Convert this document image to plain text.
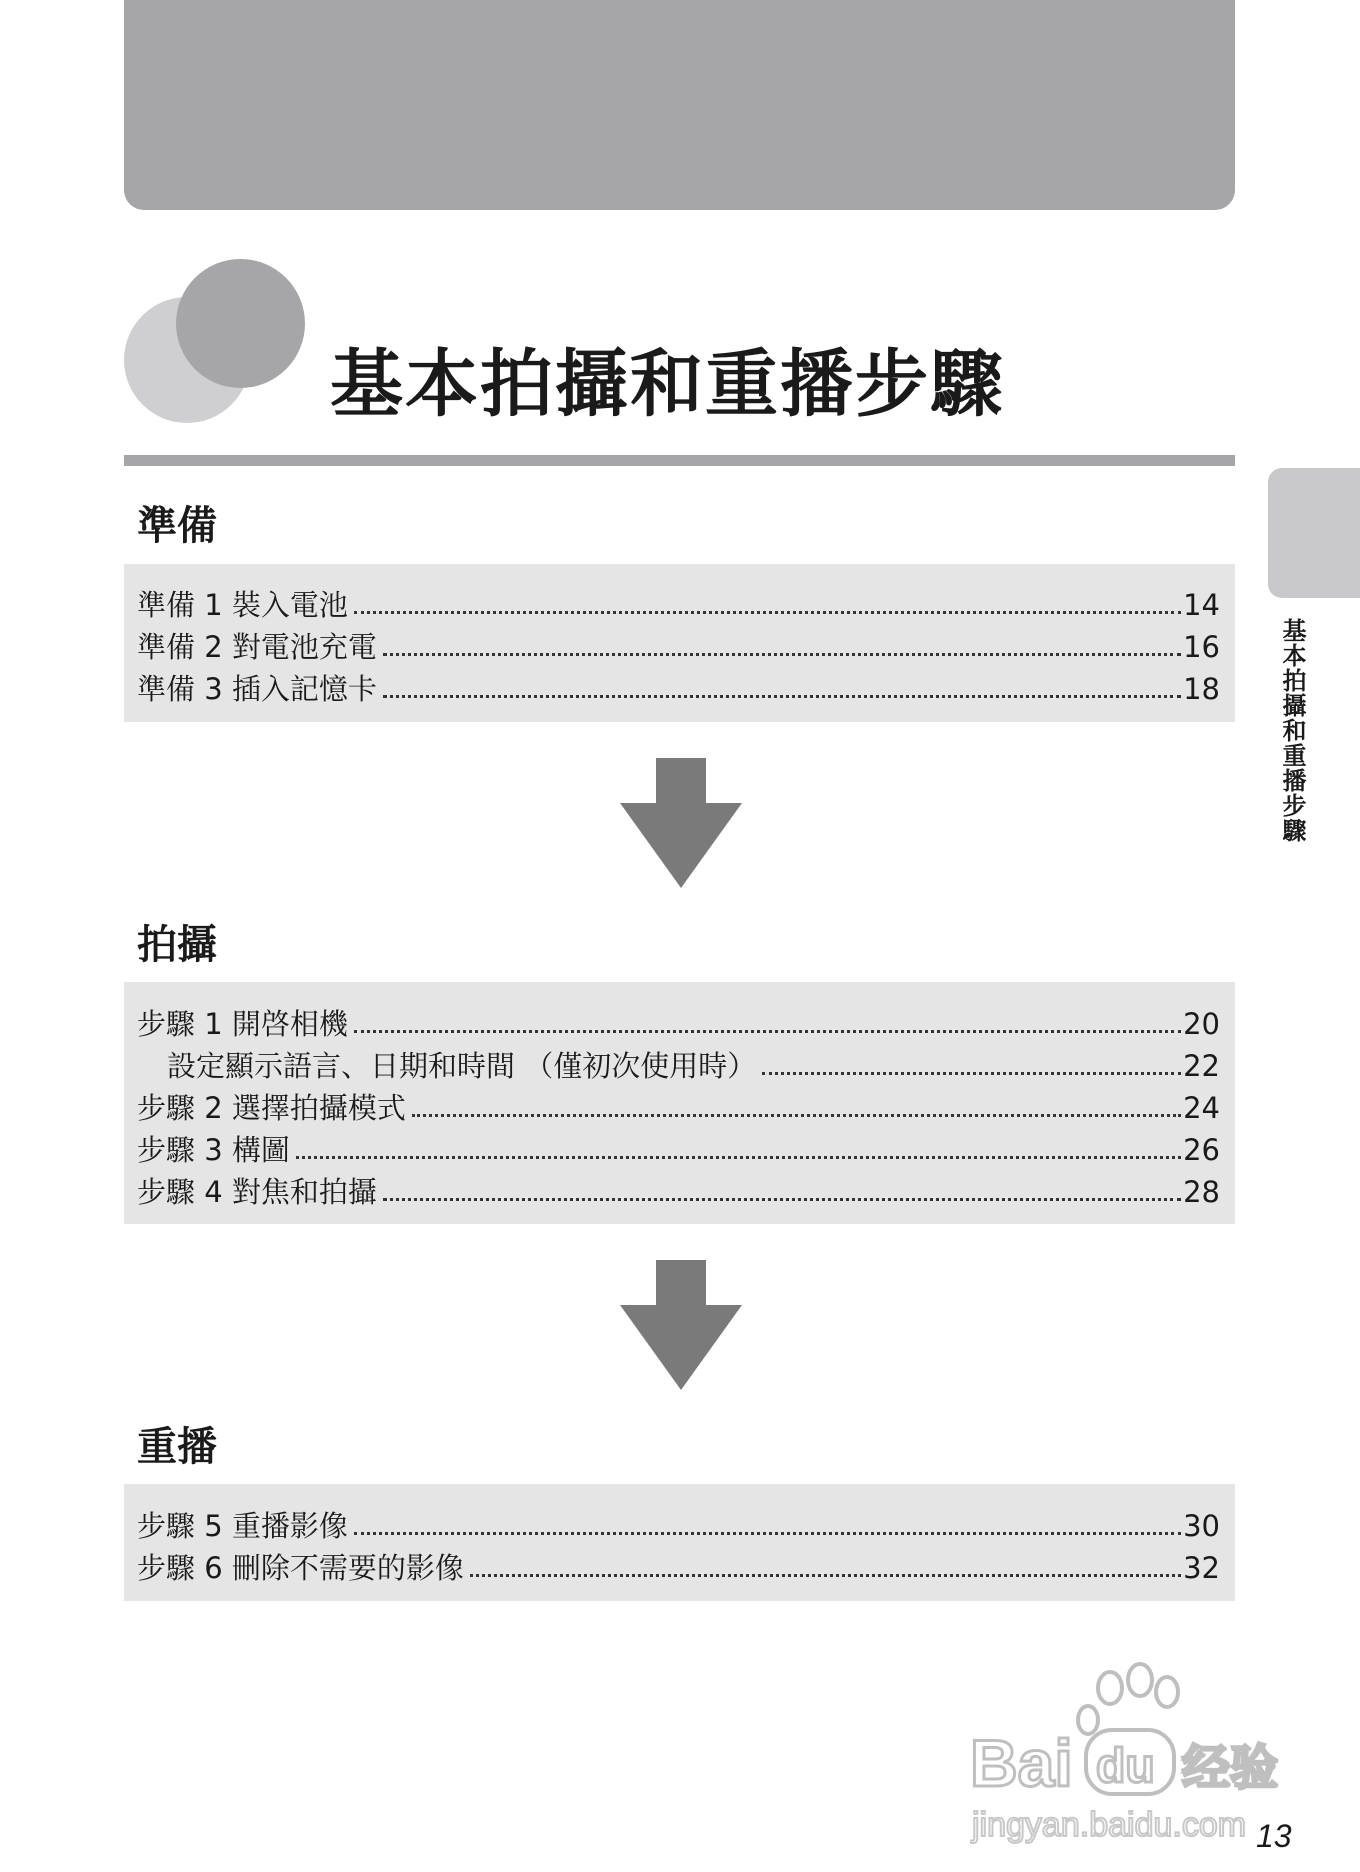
基本拍攝和重播步驟
準備
準備 1 裝入電池	14
準備 2 對電池充電	16
準備 3 插入記憶卡	18
拍攝
步驟 1 開啓相機	20
設定顯示語言、日期和時間 （僅初次使用時）	22
步驟 2 選擇拍攝模式	24
步驟 3 構圖	26
步驟 4 對焦和拍攝	28
重播
步驟 5 重播影像	30
步驟 6 刪除不需要的影像	32
基本拍攝和重播步驟
Bai du 经验
jingyan.baidu.com 13
